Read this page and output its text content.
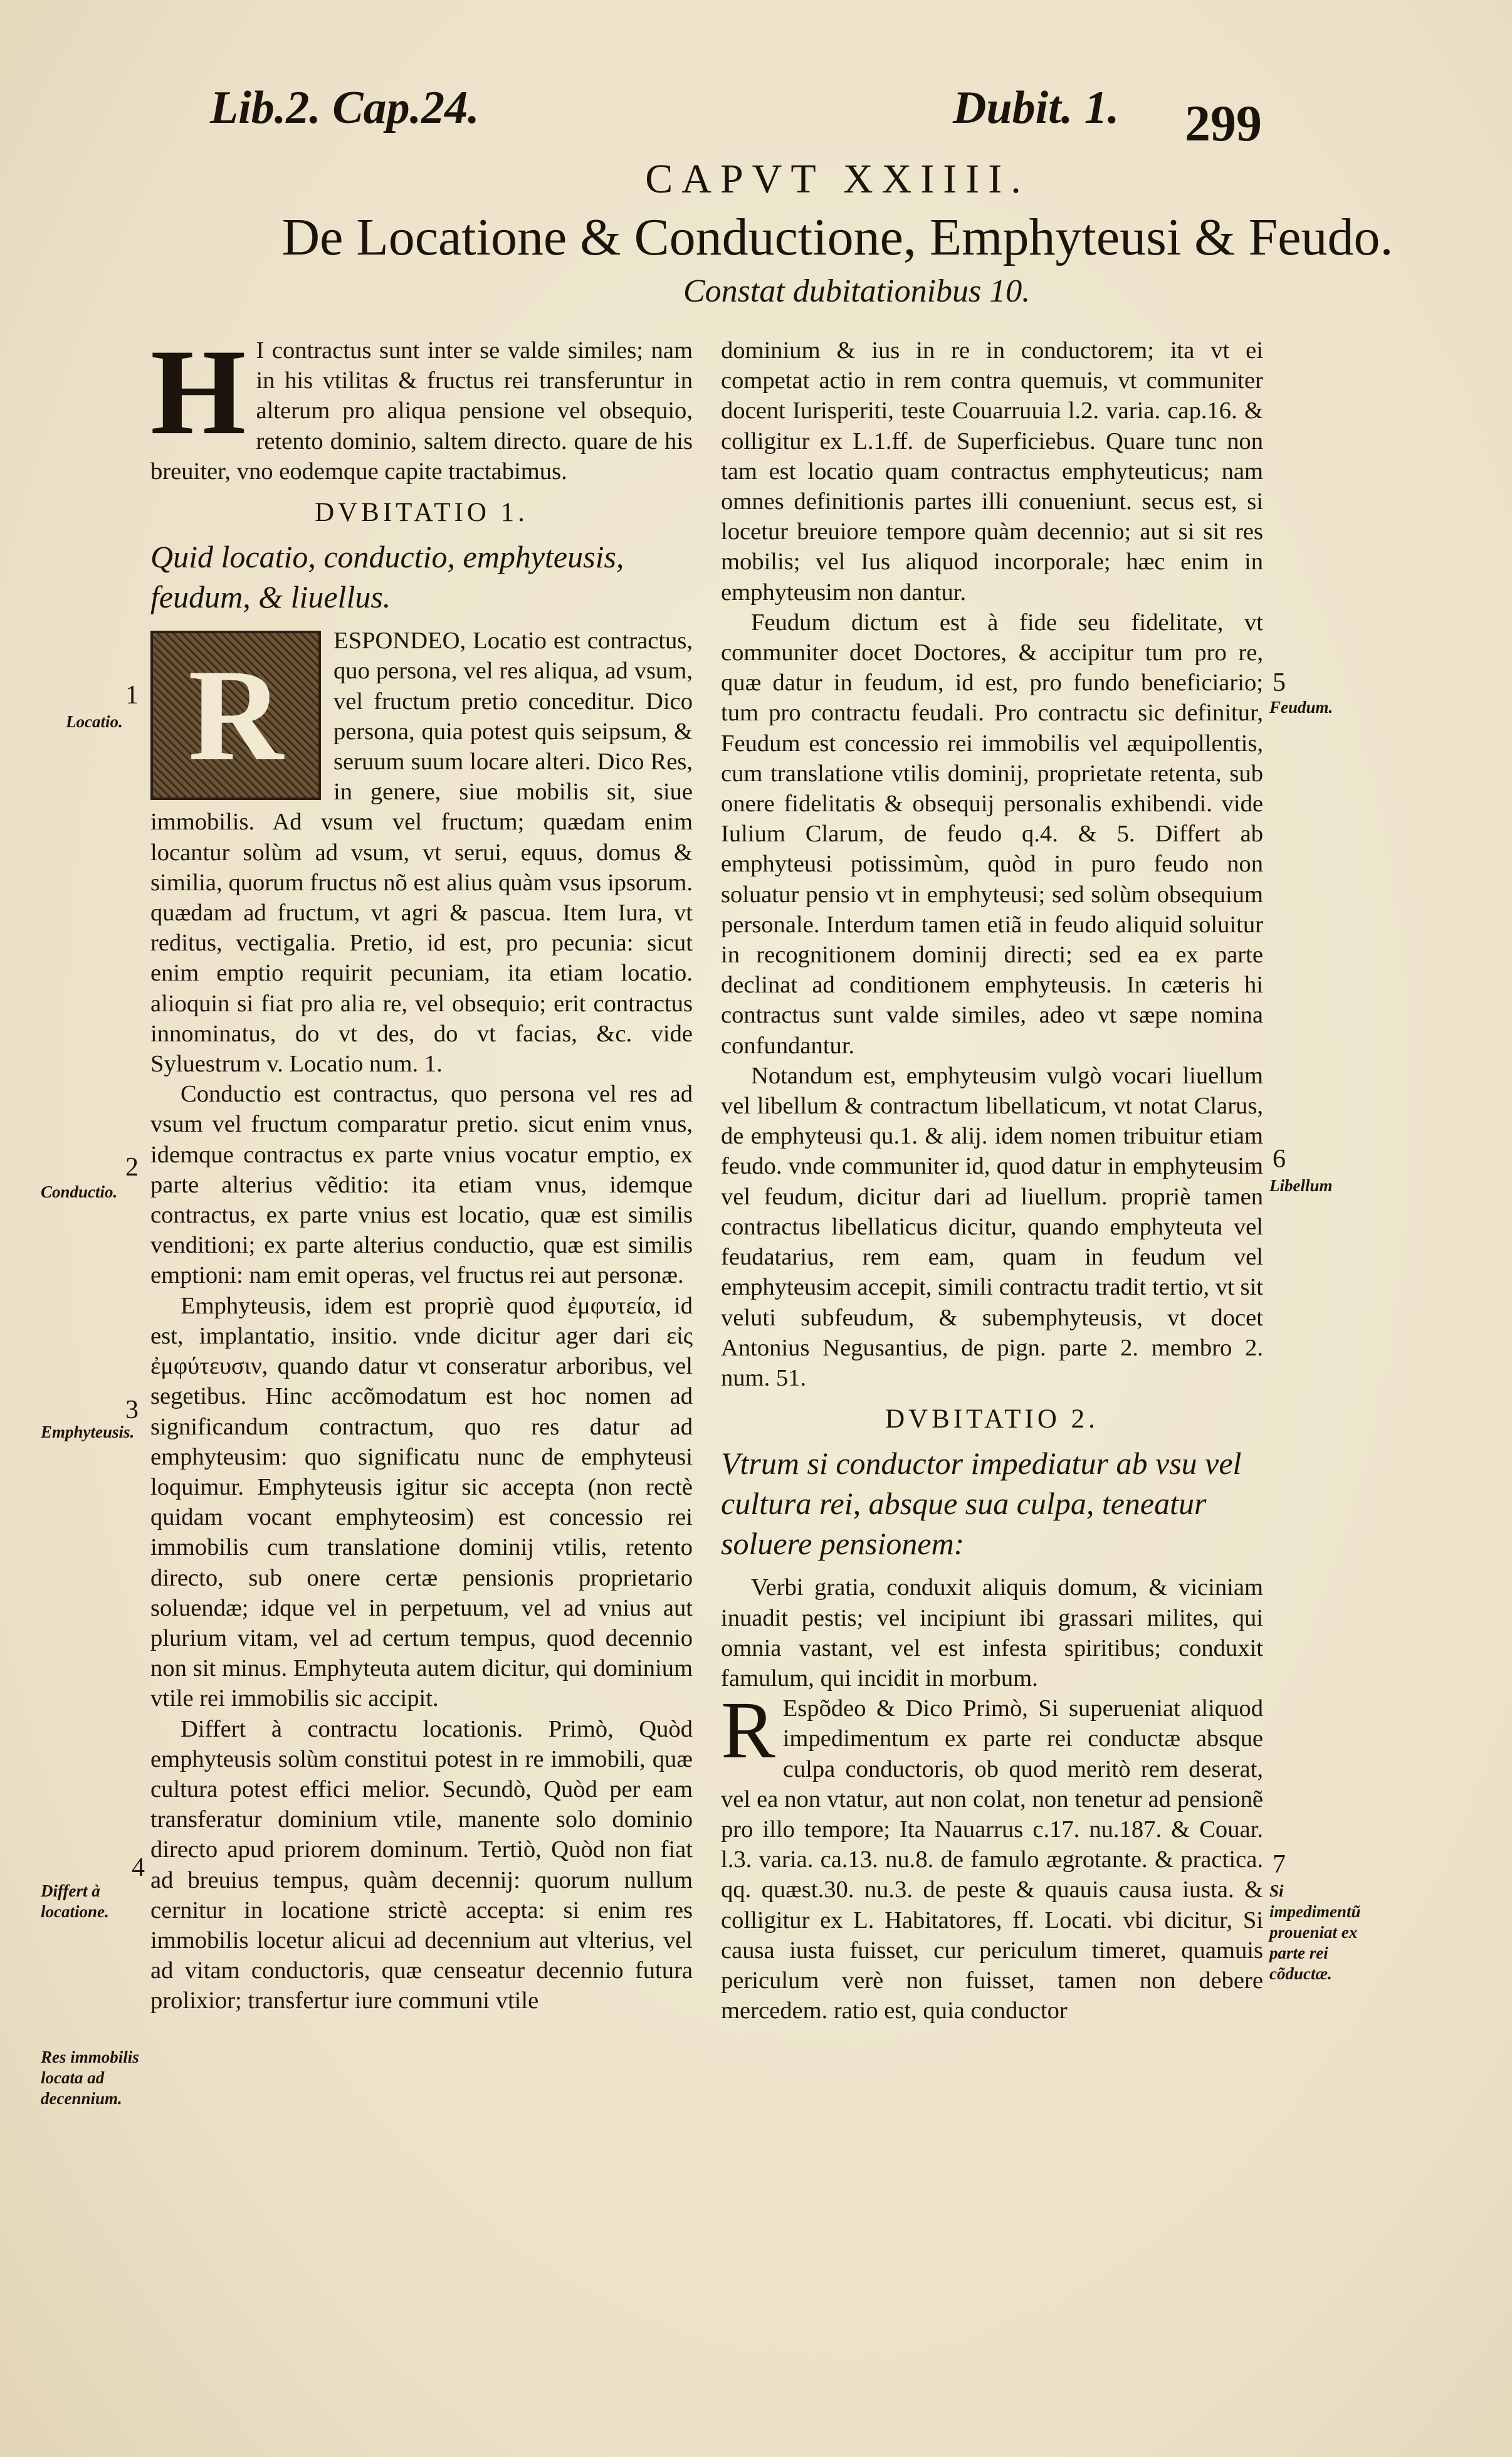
Lib.2. Cap.24.	Dubit. 1. 299
CAPVT XXIIII.
De Locatione & Conductione, Emphyteusi & Feudo.
Constat dubitationibus 10.

H I contractus sunt inter se valde similes; nam in his vtilitas & fructus rei transferuntur in alterum pro aliqua pensione vel obsequio, retento dominio, saltem directo. quare de his breuiter, vno eodemque capite tractabimus.

DVBITATIO 1.
Quid locatio, conductio, emphyteusis, feudum, & liuellus.

R
ESPONDEO, Locatio est contractus, quo persona, vel res aliqua, ad vsum, vel fructum pretio conceditur. Dico persona, quia potest quis seipsum, & seruum suum locare alteri. Dico Res, in genere, siue mobilis sit, siue immobilis. Ad vsum vel fructum; quædam enim locantur solùm ad vsum, vt serui, equus, domus & similia, quorum fructus nõ est alius quàm vsus ipsorum. quædam ad fructum, vt agri & pascua. Item Iura, vt reditus, vectigalia. Pretio, id est, pro pecunia: sicut enim emptio requirit pecuniam, ita etiam locatio. alioquin si fiat pro alia re, vel obsequio; erit contractus innominatus, do vt des, do vt facias, &c. vide Syluestrum v. Locatio num. 1.

Conductio est contractus, quo persona vel res ad vsum vel fructum comparatur pretio. sicut enim vnus, idemque contractus ex parte vnius vocatur emptio, ex parte alterius vẽditio: ita etiam vnus, idemque contractus, ex parte vnius est locatio, quæ est similis venditioni; ex parte alterius conductio, quæ est similis emptioni: nam emit operas, vel fructus rei aut personæ.

Emphyteusis, idem est propriè quod ἐμφυτεία, id est, implantatio, insitio. vnde dicitur ager dari εἰς ἐμφύτευσιν, quando datur vt conseratur arboribus, vel segetibus. Hinc accõmodatum est hoc nomen ad significandum contractum, quo res datur ad emphyteusim: quo significatu nunc de emphyteusi loquimur. Emphyteusis igitur sic accepta (non rectè quidam vocant emphyteosim) est concessio rei immobilis cum translatione dominij vtilis, retento directo, sub onere certæ pensionis proprietario soluendæ; idque vel in perpetuum, vel ad vnius aut plurium vitam, vel ad certum tempus, quod decennio non sit minus. Emphyteuta autem dicitur, qui dominium vtile rei immobilis sic accipit.

Differt à contractu locationis. Primò, Quòd emphyteusis solùm constitui potest in re immobili, quæ cultura potest effici melior. Secundò, Quòd per eam transferatur dominium vtile, manente solo dominio directo apud priorem dominum. Tertiò, Quòd non fiat ad breuius tempus, quàm decennij: quorum nullum cernitur in locatione strictè accepta: si enim res immobilis locetur alicui ad decennium aut vlterius, vel ad vitam conductoris, quæ censeatur decennio futura prolixior; transfertur iure communi vtile

dominium & ius in re in conductorem; ita vt ei competat actio in rem contra quemuis, vt communiter docent Iurisperiti, teste Couarruuia l.2. varia. cap.16. & colligitur ex L.1.ff. de Superficiebus. Quare tunc non tam est locatio quam contractus emphyteuticus; nam omnes definitionis partes illi conueniunt. secus est, si locetur breuiore tempore quàm decennio; aut si sit res mobilis; vel Ius aliquod incorporale; hæc enim in emphyteusim non dantur.

Feudum dictum est à fide seu fidelitate, vt communiter docet Doctores, & accipitur tum pro re, quæ datur in feudum, id est, pro fundo beneficiario; tum pro contractu feudali. Pro contractu sic definitur, Feudum est concessio rei immobilis vel æquipollentis, cum translatione vtilis dominij, proprietate retenta, sub onere fidelitatis & obsequij personalis exhibendi. vide Iulium Clarum, de feudo q.4. & 5. Differt ab emphyteusi potissimùm, quòd in puro feudo non soluatur pensio vt in emphyteusi; sed solùm obsequium personale. Interdum tamen etiã in feudo aliquid soluitur in recognitionem dominij directi; sed ea ex parte declinat ad conditionem emphyteusis. In cæteris hi contractus sunt valde similes, adeo vt sæpe nomina confundantur.

Notandum est, emphyteusim vulgò vocari liuellum vel libellum & contractum libellaticum, vt notat Clarus, de emphyteusi qu.1. & alij. idem nomen tribuitur etiam feudo. vnde communiter id, quod datur in emphyteusim vel feudum, dicitur dari ad liuellum. propriè tamen contractus libellaticus dicitur, quando emphyteuta vel feudatarius, rem eam, quam in feudum vel emphyteusim accepit, simili contractu tradit tertio, vt sit veluti subfeudum, & subemphyteusis, vt docet Antonius Negusantius, de pign. parte 2. membro 2. num. 51.

DVBITATIO 2.
Vtrum si conductor impediatur ab vsu vel cultura rei, absque sua culpa, teneatur soluere pensionem:

Verbi gratia, conduxit aliquis domum, & viciniam inuadit pestis; vel incipiunt ibi grassari milites, qui omnia vastant, vel est infesta spiritibus; conduxit famulum, qui incidit in morbum.

R Espõdeo & Dico Primò, Si superueniat aliquod impedimentum ex parte rei conductæ absque culpa conductoris, ob quod meritò rem deserat, vel ea non vtatur, aut non colat, non tenetur ad pensionẽ pro illo tempore; Ita Nauarrus c.17. nu.187. & Couar. l.3. varia. ca.13. nu.8. de famulo ægrotante. & practica. qq. quæst.30. nu.3. de peste & quauis causa iusta. & colligitur ex L. Habitatores, ff. Locati. vbi dicitur, Si causa iusta fuisset, cur periculum timeret, quamuis periculum verè non fuisset, tamen non debere mercedem. ratio est, quia conductor

1
Locatio.
2
Conductio.
3
Emphyteusis.
4
Differt à locatione.
Res immobilis locata ad decennium.
5
Feudum.
6
Libellum
7
Si impedimentũ proueniat ex parte rei cõductæ.
